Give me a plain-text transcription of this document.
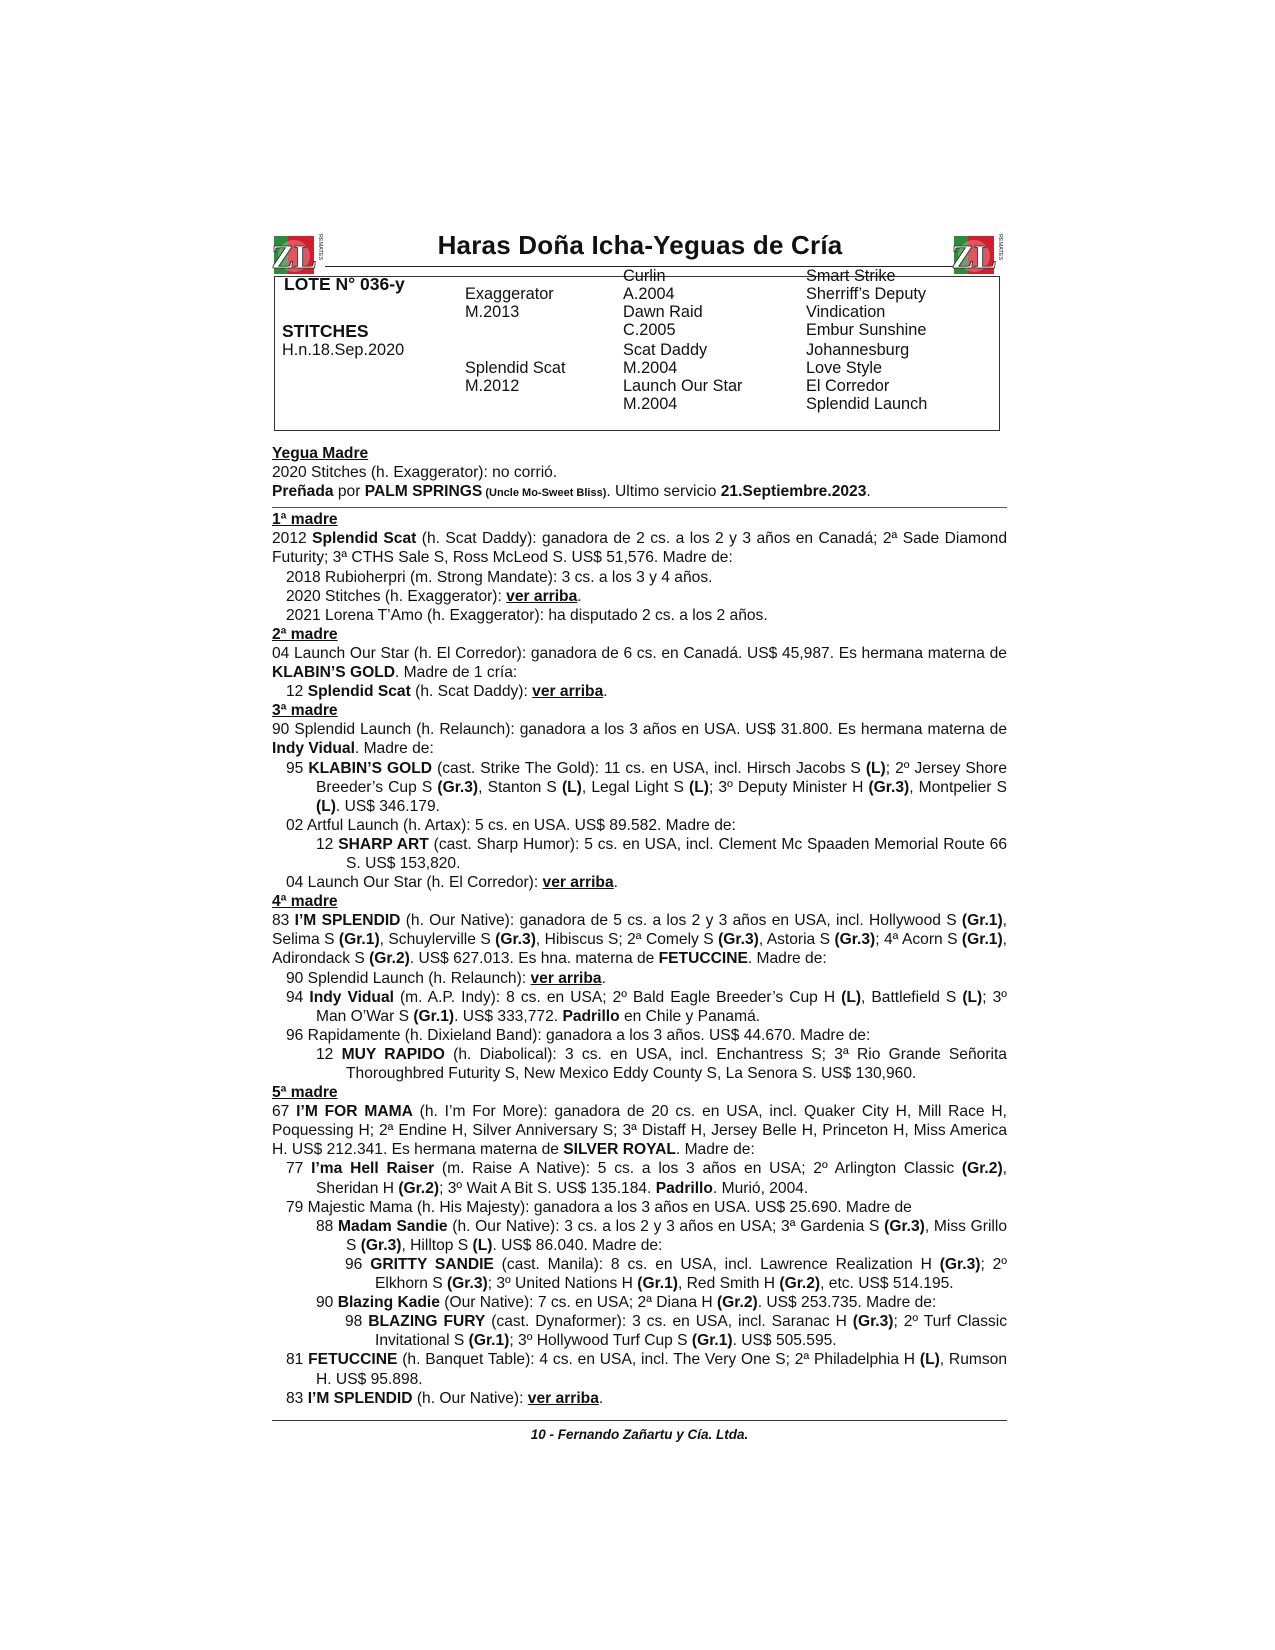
ZL REMATES	ZL REMATES
Haras Doña Icha-Yeguas de Cría
LOTE N° 036-y
STITCHES
H.n.18.Sep.2020
Exaggerator
M.2013
Splendid Scat
M.2012
Curlin
A.2004
Dawn Raid
C.2005
Scat Daddy
M.2004
Launch Our Star
M.2004
Smart Strike
Sherriff’s Deputy
Vindication
Embur Sunshine
Johannesburg
Love Style
El Corredor
Splendid Launch

Yegua Madre

2020 Stitches (h. Exaggerator): no corrió.

Preñada por PALM SPRINGS (Uncle Mo-Sweet Bliss). Ultimo servicio 21.Septiembre.2023.

1ª madre

2012 Splendid Scat (h. Scat Daddy): ganadora de 2 cs. a los 2 y 3 años en Canadá; 2ª Sade Diamond Futurity; 3ª CTHS Sale S, Ross McLeod S. US$ 51,576. Madre de:

2018 Rubioherpri (m. Strong Mandate): 3 cs. a los 3 y 4 años.

2020 Stitches (h. Exaggerator): ver arriba.

2021 Lorena T’Amo (h. Exaggerator): ha disputado 2 cs. a los 2 años.

2ª madre

04 Launch Our Star (h. El Corredor): ganadora de 6 cs. en Canadá. US$ 45,987. Es hermana materna de KLABIN’S GOLD. Madre de 1 cría:

12 Splendid Scat (h. Scat Daddy): ver arriba.

3ª madre

90 Splendid Launch (h. Relaunch): ganadora a los 3 años en USA. US$ 31.800. Es hermana materna de Indy Vidual. Madre de:

95 KLABIN’S GOLD (cast. Strike The Gold): 11 cs. en USA, incl. Hirsch Jacobs S (L); 2º Jersey Shore Breeder’s Cup S (Gr.3), Stanton S (L), Legal Light S (L); 3º Deputy Minister H (Gr.3), Montpelier S (L). US$ 346.179.

02 Artful Launch (h. Artax): 5 cs. en USA. US$ 89.582. Madre de:

12 SHARP ART (cast. Sharp Humor): 5 cs. en USA, incl. Clement Mc Spaaden Memorial Route 66 S. US$ 153,820.

04 Launch Our Star (h. El Corredor): ver arriba.

4ª madre

83 I’M SPLENDID (h. Our Native): ganadora de 5 cs. a los 2 y 3 años en USA, incl. Hollywood S (Gr.1), Selima S (Gr.1), Schuylerville S (Gr.3), Hibiscus S; 2ª Comely S (Gr.3), Astoria S (Gr.3); 4ª Acorn S (Gr.1), Adirondack S (Gr.2). US$ 627.013. Es hna. materna de FETUCCINE. Madre de:

90 Splendid Launch (h. Relaunch): ver arriba.

94 Indy Vidual (m. A.P. Indy): 8 cs. en USA; 2º Bald Eagle Breeder’s Cup H (L), Battlefield S (L); 3º Man O’War S (Gr.1). US$ 333,772. Padrillo en Chile y Panamá.

96 Rapidamente (h. Dixieland Band): ganadora a los 3 años. US$ 44.670. Madre de:

12 MUY RAPIDO (h. Diabolical): 3 cs. en USA, incl. Enchantress S; 3ª Rio Grande Señorita Thoroughbred Futurity S, New Mexico Eddy County S, La Senora S. US$ 130,960.

5ª madre

67 I’M FOR MAMA (h. I’m For More): ganadora de 20 cs. en USA, incl. Quaker City H, Mill Race H, Poquessing H; 2ª Endine H, Silver Anniversary S; 3ª Distaff H, Jersey Belle H, Princeton H, Miss America H. US$ 212.341. Es hermana materna de SILVER ROYAL. Madre de:

77 I’ma Hell Raiser (m. Raise A Native): 5 cs. a los 3 años en USA; 2º Arlington Classic (Gr.2), Sheridan H (Gr.2); 3º Wait A Bit S. US$ 135.184. Padrillo. Murió, 2004.

79 Majestic Mama (h. His Majesty): ganadora a los 3 años en USA. US$ 25.690. Madre de

88 Madam Sandie (h. Our Native): 3 cs. a los 2 y 3 años en USA; 3ª Gardenia S (Gr.3), Miss Grillo S (Gr.3), Hilltop S (L). US$ 86.040. Madre de:

96 GRITTY SANDIE (cast. Manila): 8 cs. en USA, incl. Lawrence Realization H (Gr.3); 2º Elkhorn S (Gr.3); 3º United Nations H (Gr.1), Red Smith H (Gr.2), etc. US$ 514.195.

90 Blazing Kadie (Our Native): 7 cs. en USA; 2ª Diana H (Gr.2). US$ 253.735. Madre de:

98 BLAZING FURY (cast. Dynaformer): 3 cs. en USA, incl. Saranac H (Gr.3); 2º Turf Classic Invitational S (Gr.1); 3º Hollywood Turf Cup S (Gr.1). US$ 505.595.

81 FETUCCINE (h. Banquet Table): 4 cs. en USA, incl. The Very One S; 2ª Philadelphia H (L), Rumson H. US$ 95.898.

83 I’M SPLENDID (h. Our Native): ver arriba.

10 - Fernando Zañartu y Cía. Ltda.
